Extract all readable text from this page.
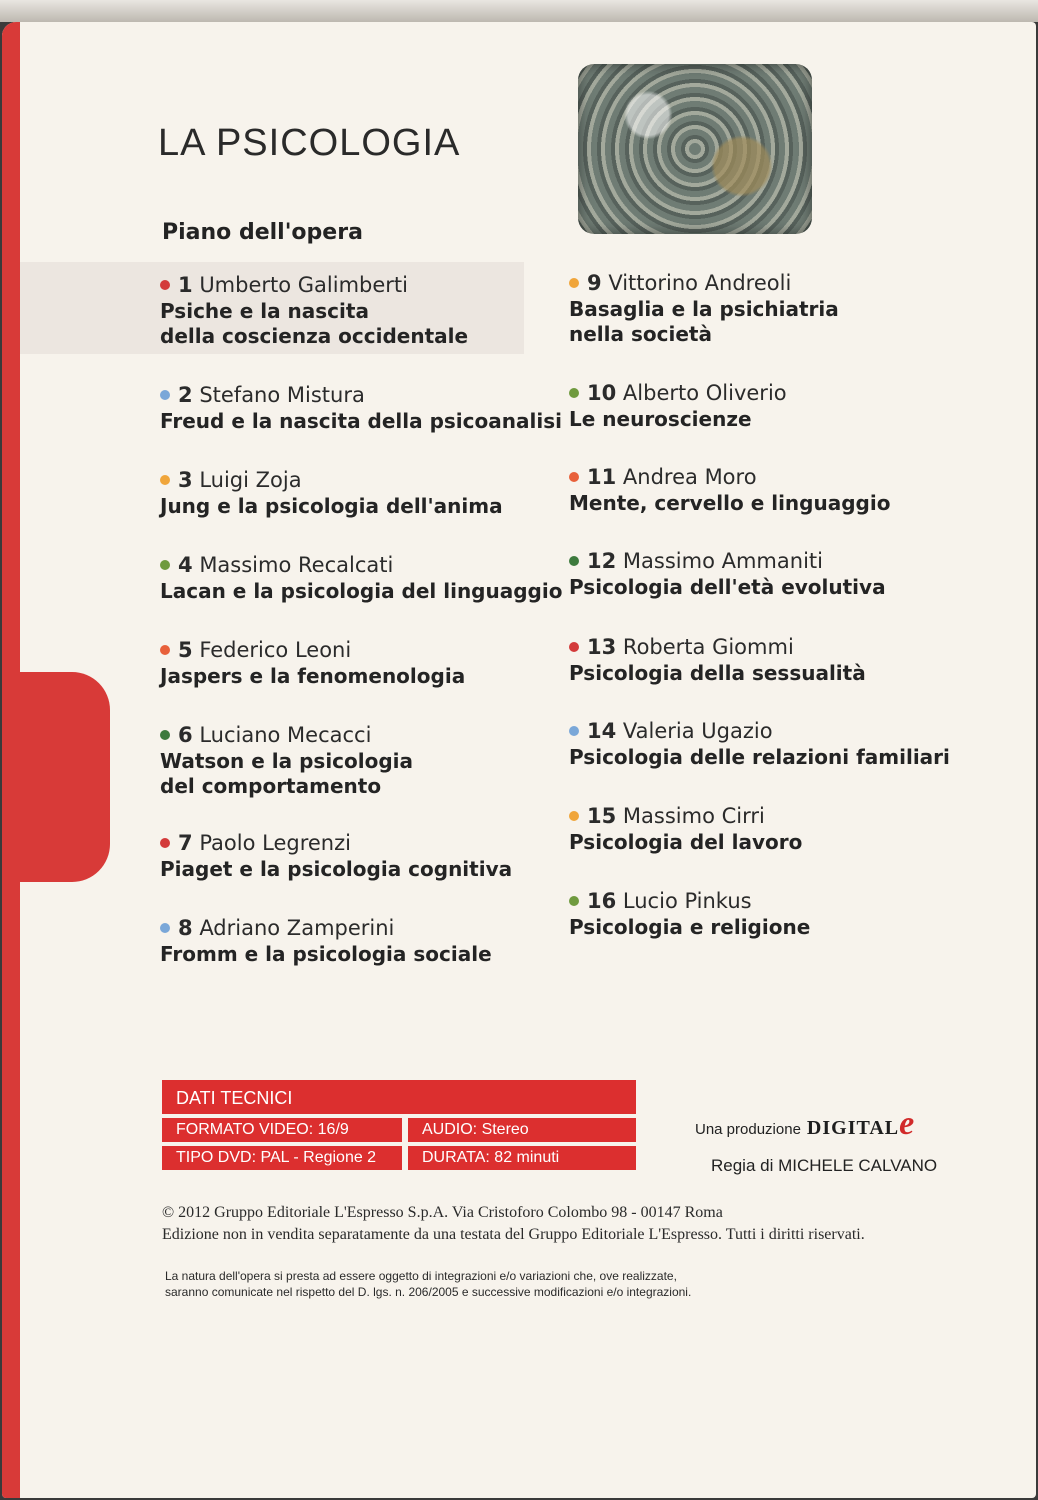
LA PSICOLOGIA
Piano dell'opera
1 Umberto Galimberti
Psiche e la nascita
della coscienza occidentale
2 Stefano Mistura
Freud e la nascita della psicoanalisi
3 Luigi Zoja
Jung e la psicologia dell'anima
4 Massimo Recalcati
Lacan e la psicologia del linguaggio
5 Federico Leoni
Jaspers e la fenomenologia
6 Luciano Mecacci
Watson e la psicologia
del comportamento
7 Paolo Legrenzi
Piaget e la psicologia cognitiva
8 Adriano Zamperini
Fromm e la psicologia sociale
9 Vittorino Andreoli
Basaglia e la psichiatria
nella società
10 Alberto Oliverio
Le neuroscienze
11 Andrea Moro
Mente, cervello e linguaggio
12 Massimo Ammaniti
Psicologia dell'età evolutiva
13 Roberta Giommi
Psicologia della sessualità
14 Valeria Ugazio
Psicologia delle relazioni familiari
15 Massimo Cirri
Psicologia del lavoro
16 Lucio Pinkus
Psicologia e religione
DATI TECNICI
FORMATO VIDEO: 16/9	AUDIO: Stereo
TIPO DVD: PAL - Regione 2	DURATA: 82 minuti
Una produzione DIGITALe
Regia di MICHELE CALVANO
© 2012 Gruppo Editoriale L'Espresso S.p.A. Via Cristoforo Colombo 98 - 00147 Roma
Edizione non in vendita separatamente da una testata del Gruppo Editoriale L'Espresso. Tutti i diritti riservati.
La natura dell'opera si presta ad essere oggetto di integrazioni e/o variazioni che, ove realizzate,
saranno comunicate nel rispetto del D. lgs. n. 206/2005 e successive modificazioni e/o integrazioni.
